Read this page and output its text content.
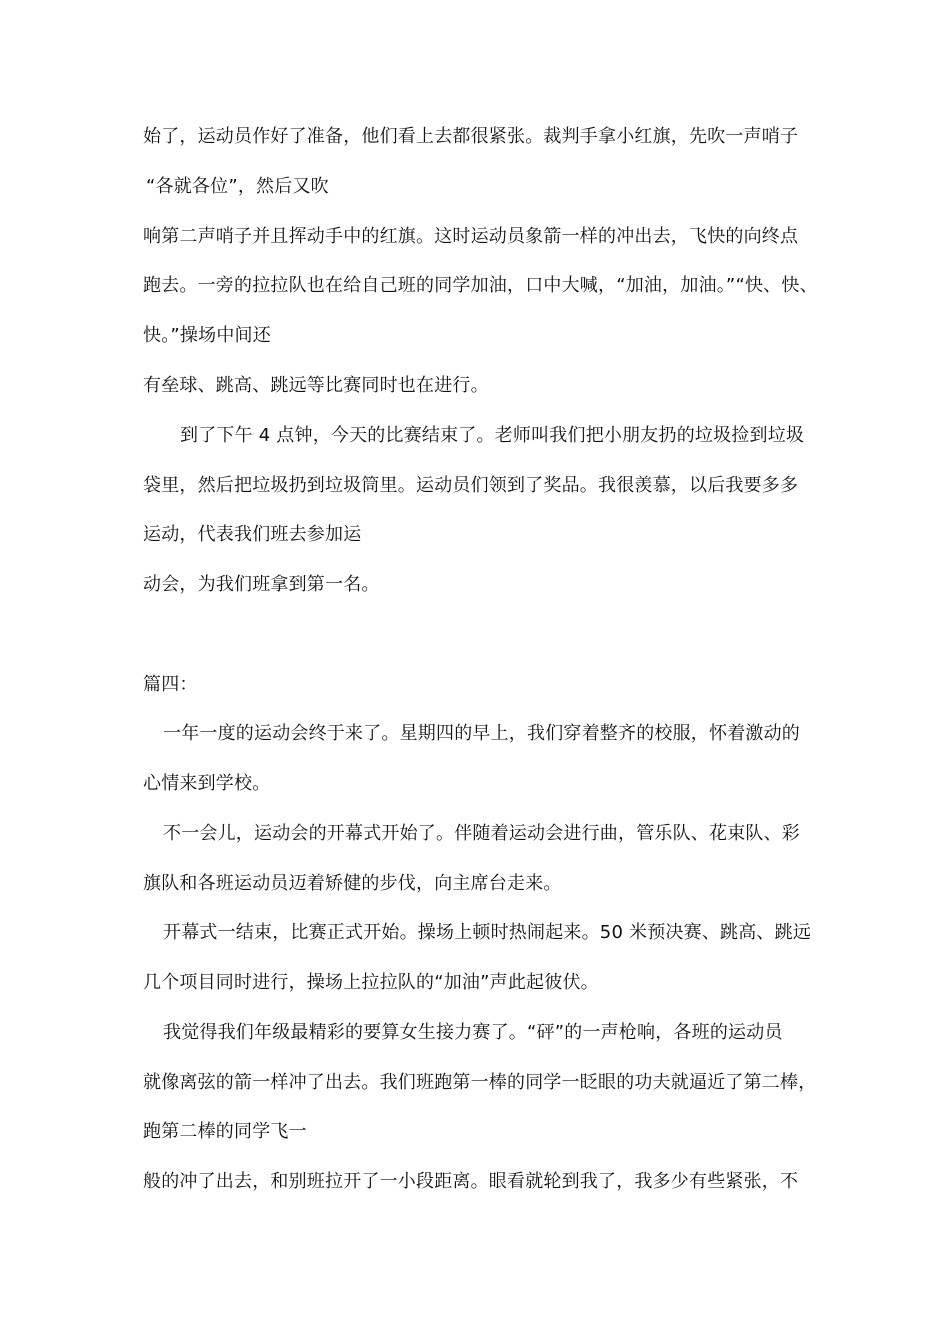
始了，运动员作好了准备，他们看上去都很紧张。裁判手拿小红旗，先吹一声哨子
“各就各位”，然后又吹
响第二声哨子并且挥动手中的红旗。这时运动员象箭一样的冲出去，飞快的向终点
跑去。一旁的拉拉队也在给自己班的同学加油，口中大喊，“加油，加油。”“快、快、
快。”操场中间还
有垒球、跳高、跳远等比赛同时也在进行。
到了下午 4 点钟，今天的比赛结束了。老师叫我们把小朋友扔的垃圾捡到垃圾
袋里，然后把垃圾扔到垃圾筒里。运动员们领到了奖品。我很羡慕，以后我要多多
运动，代表我们班去参加运
动会，为我们班拿到第一名。
篇四：
一年一度的运动会终于来了。星期四的早上，我们穿着整齐的校服，怀着激动的
心情来到学校。
不一会儿，运动会的开幕式开始了。伴随着运动会进行曲，管乐队、花束队、彩
旗队和各班运动员迈着矫健的步伐，向主席台走来。
开幕式一结束，比赛正式开始。操场上顿时热闹起来。50 米预决赛、跳高、跳远
几个项目同时进行，操场上拉拉队的“加油”声此起彼伏。
我觉得我们年级最精彩的要算女生接力赛了。“砰”的一声枪响，各班的运动员
就像离弦的箭一样冲了出去。我们班跑第一棒的同学一眨眼的功夫就逼近了第二棒，
跑第二棒的同学飞一
般的冲了出去，和别班拉开了一小段距离。眼看就轮到我了，我多少有些紧张，不
